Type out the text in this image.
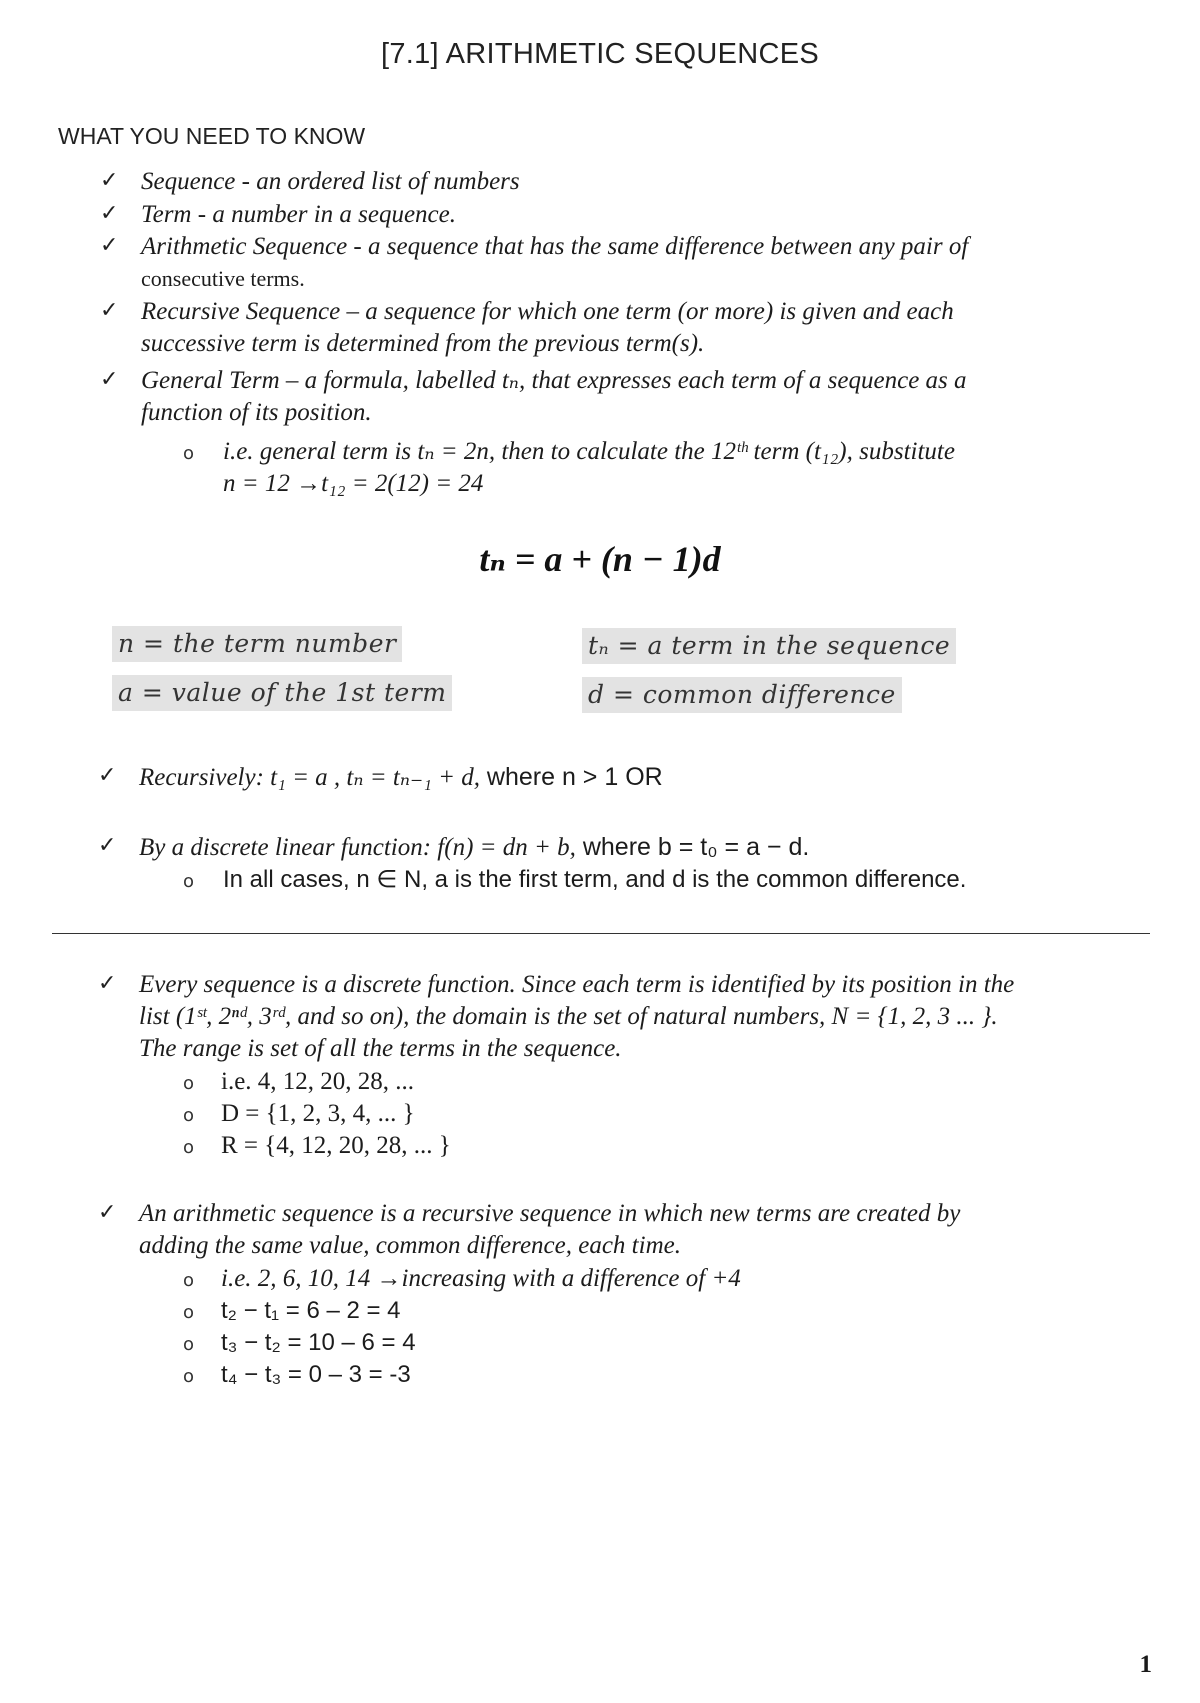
[7.1] ARITHMETIC SEQUENCES
WHAT YOU NEED TO KNOW
✓ Sequence - an ordered list of numbers
✓ Term - a number in a sequence.
✓ Arithmetic Sequence - a sequence that has the same difference between any pair of
consecutive terms.
✓ Recursive Sequence – a sequence for which one term (or more) is given and each
successive term is determined from the previous term(s).
✓ General Term – a formula, labelled tₙ, that expresses each term of a sequence as a
function of its position.
o i.e. general term is tₙ = 2n, then to calculate the 12ᵗʰ term (t₁₂), substitute
n = 12 →t₁₂ = 2(12) = 24
tₙ = a + (n − 1)d
n = the term number	tₙ = a term in the sequence
a = value of the 1st term	d = common difference
✓ Recursively: t₁ = a , tₙ = tₙ₋₁ + d, where n > 1 OR
✓ By a discrete linear function: f(n) = dn + b, where b = t₀ = a − d.
o In all cases, n ∈ N, a is the first term, and d is the common difference.
✓ Every sequence is a discrete function. Since each term is identified by its position in the
list (1ˢᵗ, 2ⁿᵈ, 3ʳᵈ, and so on), the domain is the set of natural numbers, N = {1, 2, 3 ... }.
The range is set of all the terms in the sequence.
o i.e. 4, 12, 20, 28, ...
o D = {1, 2, 3, 4, ... }
o R = {4, 12, 20, 28, ... }
✓ An arithmetic sequence is a recursive sequence in which new terms are created by
adding the same value, common difference, each time.
o i.e. 2, 6, 10, 14 →increasing with a difference of +4
o t₂ − t₁ = 6 – 2 = 4
o t₃ − t₂ = 10 – 6 = 4
o t₄ − t₃ = 0 – 3 = -3
1
